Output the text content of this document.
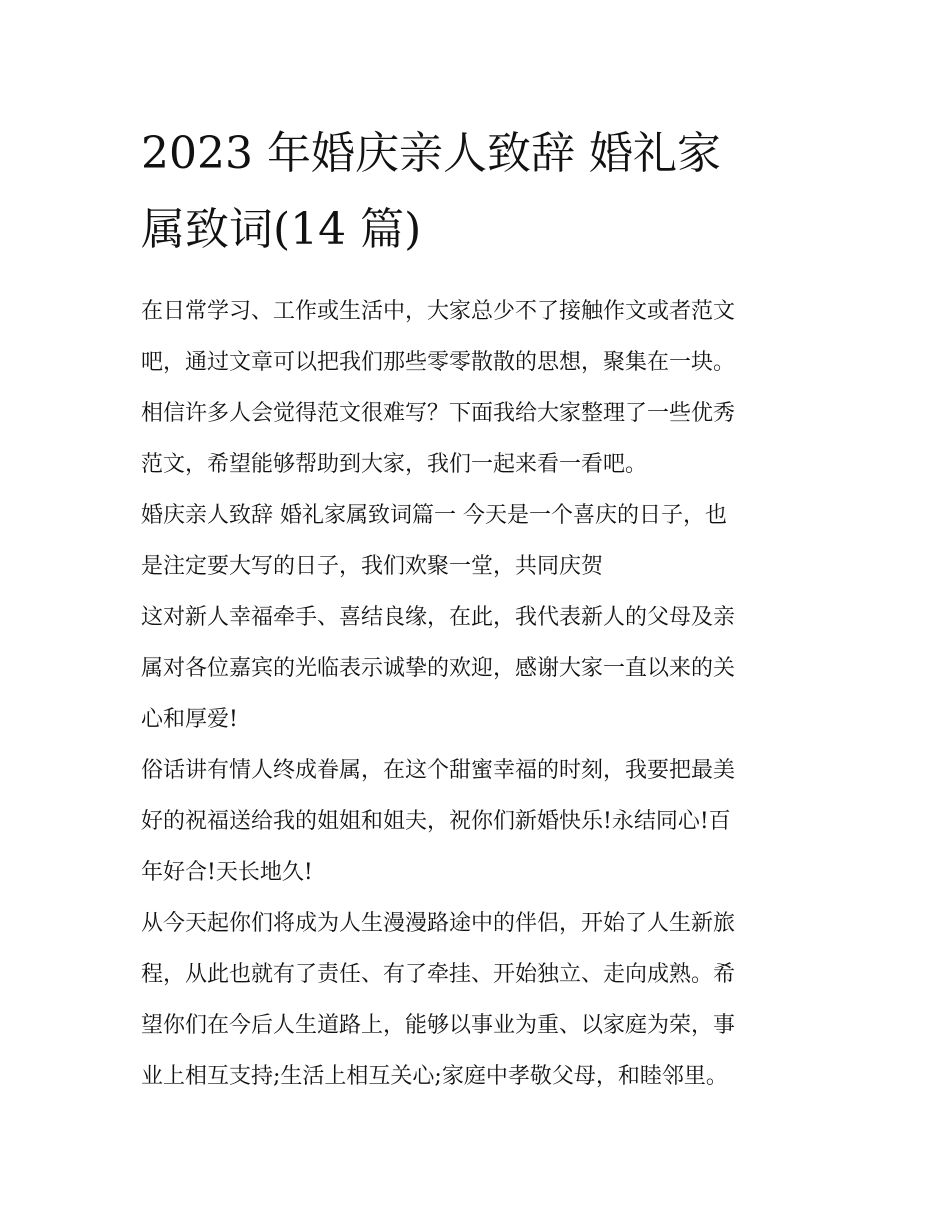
2023 年婚庆亲人致辞 婚礼家
属致词(14 篇)
在日常学习、工作或生活中，大家总少不了接触作文或者范文
吧，通过文章可以把我们那些零零散散的思想，聚集在一块。
相信许多人会觉得范文很难写？下面我给大家整理了一些优秀
范文，希望能够帮助到大家，我们一起来看一看吧。
婚庆亲人致辞 婚礼家属致词篇一 今天是一个喜庆的日子，也
是注定要大写的日子，我们欢聚一堂，共同庆贺
这对新人幸福牵手、喜结良缘，在此，我代表新人的父母及亲
属对各位嘉宾的光临表示诚挚的欢迎，感谢大家一直以来的关
心和厚爱!
俗话讲有情人终成眷属，在这个甜蜜幸福的时刻，我要把最美
好的祝福送给我的姐姐和姐夫，祝你们新婚快乐!永结同心!百
年好合!天长地久!
从今天起你们将成为人生漫漫路途中的伴侣，开始了人生新旅
程，从此也就有了责任、有了牵挂、开始独立、走向成熟。希
望你们在今后人生道路上，能够以事业为重、以家庭为荣，事
业上相互支持;生活上相互关心;家庭中孝敬父母，和睦邻里。
